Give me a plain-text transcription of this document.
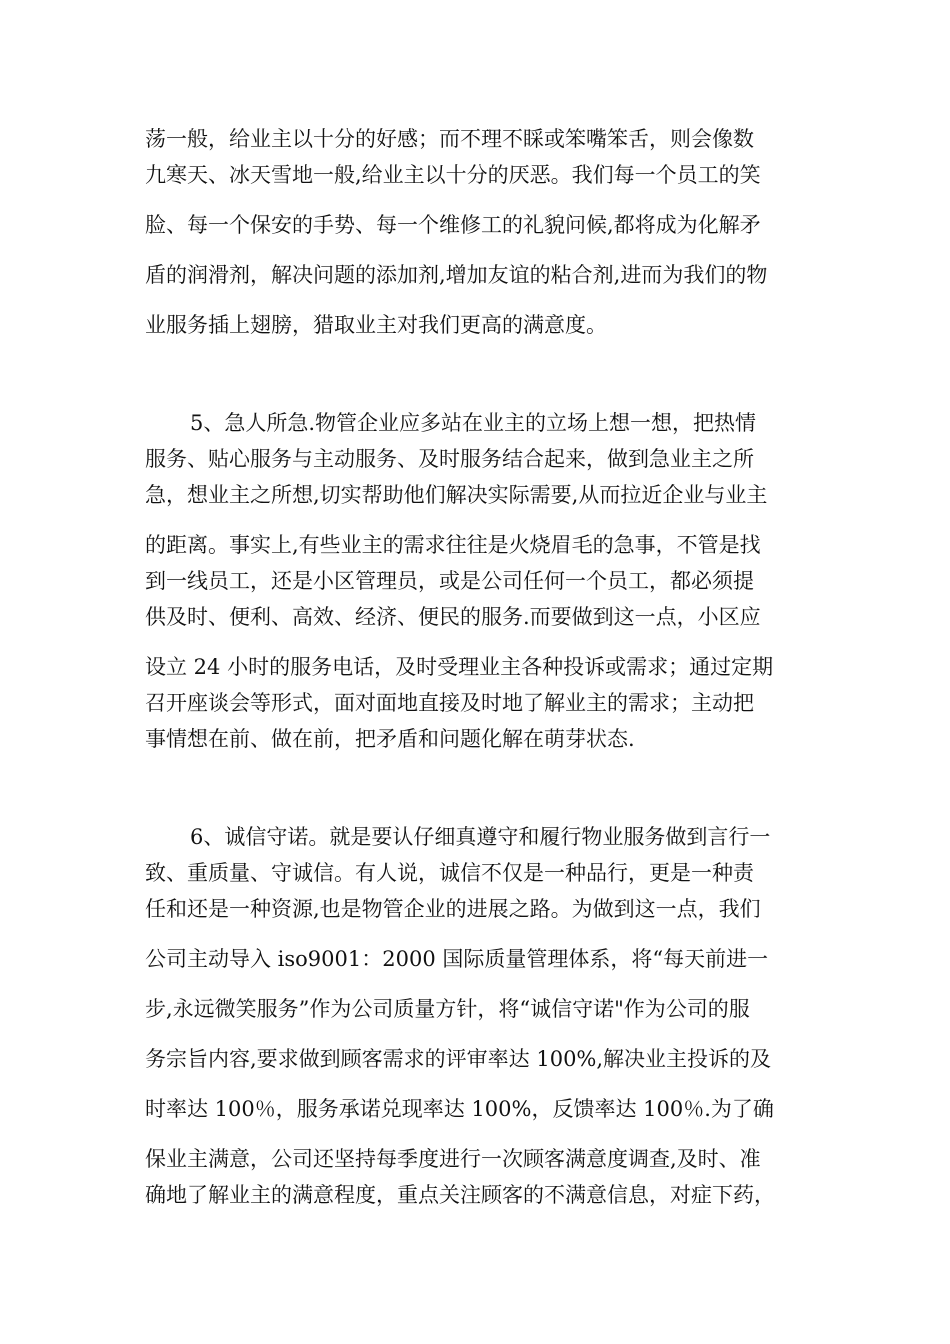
荡一般，给业主以十分的好感；而不理不睬或笨嘴笨舌，则会像数

九寒天、冰天雪地一般,给业主以十分的厌恶。我们每一个员工的笑

脸、每一个保安的手势、每一个维修工的礼貌问候,都将成为化解矛

盾的润滑剂，解决问题的添加剂,增加友谊的粘合剂,进而为我们的物

业服务插上翅膀，猎取业主对我们更高的满意度。

5、急人所急.物管企业应多站在业主的立场上想一想，把热情

服务、贴心服务与主动服务、及时服务结合起来，做到急业主之所

急，想业主之所想,切实帮助他们解决实际需要,从而拉近企业与业主

的距离。事实上,有些业主的需求往往是火烧眉毛的急事，不管是找

到一线员工，还是小区管理员，或是公司任何一个员工，都必须提

供及时、便利、高效、经济、便民的服务.而要做到这一点，小区应

设立 24 小时的服务电话，及时受理业主各种投诉或需求；通过定期

召开座谈会等形式，面对面地直接及时地了解业主的需求；主动把

事情想在前、做在前，把矛盾和问题化解在萌芽状态.

6、诚信守诺。就是要认仔细真遵守和履行物业服务做到言行一

致、重质量、守诚信。有人说，诚信不仅是一种品行，更是一种责

任和还是一种资源,也是物管企业的进展之路。为做到这一点，我们

公司主动导入 iso9001：2000 国际质量管理体系，将“每天前进一

步,永远微笑服务”作为公司质量方针，将“诚信守诺"作为公司的服

务宗旨内容,要求做到顾客需求的评审率达 100%,解决业主投诉的及

时率达 100％，服务承诺兑现率达 100%，反馈率达 100％.为了确

保业主满意，公司还坚持每季度进行一次顾客满意度调查,及时、准

确地了解业主的满意程度，重点关注顾客的不满意信息，对症下药，
